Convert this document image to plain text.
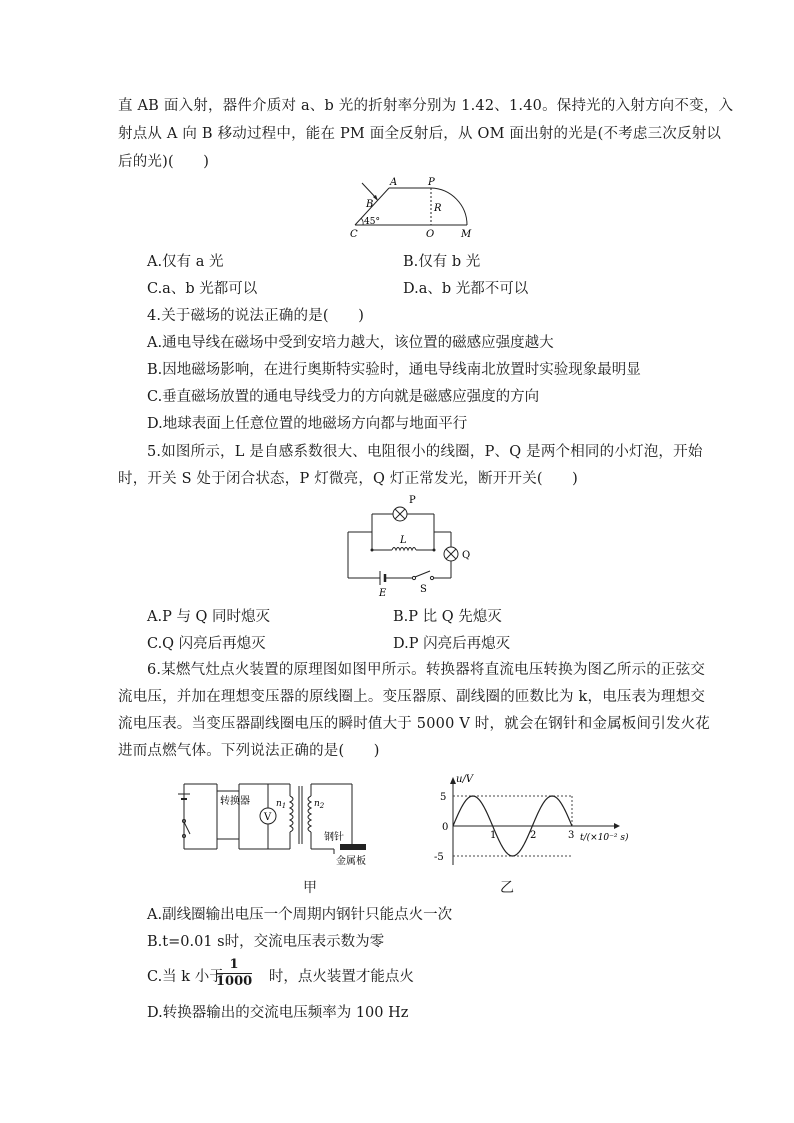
直 AB 面入射，器件介质对 a、b 光的折射率分别为 1.42、1.40。保持光的入射方向不变，入
射点从 A 向 B 移动过程中，能在 PM 面全反射后，从 OM 面出射的光是(不考虑三次反射以
后的光)(　　)
A	P
B	R
45°
C	O	M
A.仅有 a 光	B.仅有 b 光
C.a、b 光都可以	D.a、b 光都不可以
4.关于磁场的说法正确的是(　　)
A.通电导线在磁场中受到安培力越大，该位置的磁感应强度越大
B.因地磁场影响，在进行奥斯特实验时，通电导线南北放置时实验现象最明显
C.垂直磁场放置的通电导线受力的方向就是磁感应强度的方向
D.地球表面上任意位置的地磁场方向都与地面平行
5.如图所示，L 是自感系数很大、电阻很小的线圈，P、Q 是两个相同的小灯泡，开始
时，开关 S 处于闭合状态，P 灯微亮，Q 灯正常发光，断开开关(　　)
P
L
Q
E	S
A.P 与 Q 同时熄灭	B.P 比 Q 先熄灭
C.Q 闪亮后再熄灭	D.P 闪亮后再熄灭
6.某燃气灶点火装置的原理图如图甲所示。转换器将直流电压转换为图乙所示的正弦交
流电压，并加在理想变压器的原线圈上。变压器原、副线圈的匝数比为 k，电压表为理想交
流电压表。当变压器副线圈电压的瞬时值大于 5000 V 时，就会在钢针和金属板间引发火花
进而点燃气体。下列说法正确的是(　　)
转换器
V
$n_1$	$n_2$
钢针
金属板
甲
u/V
5
-5
0
1	2	3 t/(×10⁻² s)
乙
A.副线圈输出电压一个周期内钢针只能点火一次
B.t=0.01 s时，交流电压表示数为零
C.当 k 小于	时，点火装置才能点火
1
1000
D.转换器输出的交流电压频率为 100 Hz
